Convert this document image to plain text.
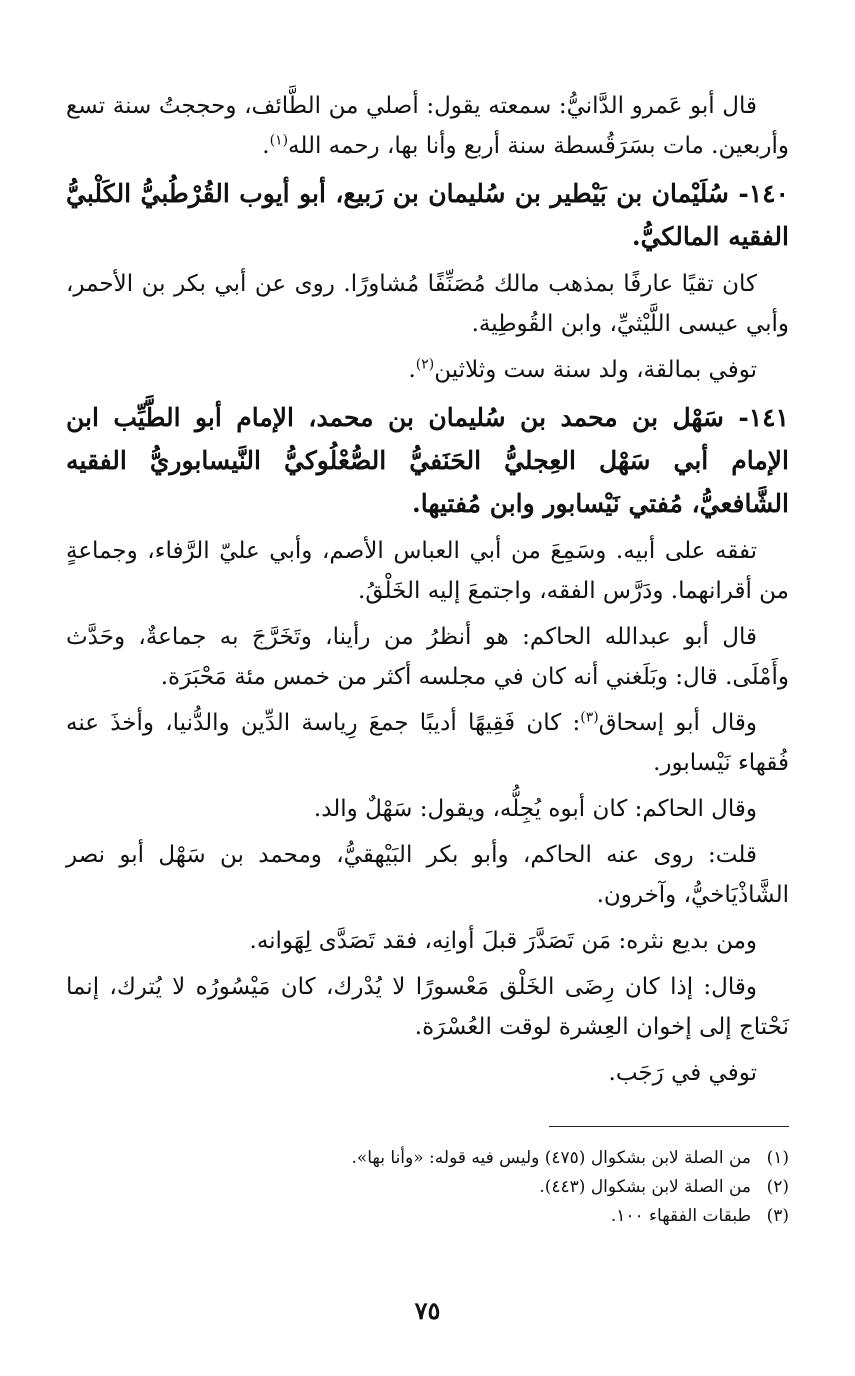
قال أبو عَمرو الدَّانيُّ: سمعته يقول: أصلي من الطَّائف، وحججتُ سنة تسع وأربعين. مات بسَرَقُسطة سنة أربع وأنا بها، رحمه الله$^{(١)}$.

١٤٠- سُلَيْمان بن بَيْطير بن سُليمان بن رَبيع، أبو أيوب القُرْطُبيُّ الكَلْبيُّ الفقيه المالكيُّ.

كان تقيًا عارفًا بمذهب مالك مُصَنِّفًا مُشاورًا. روى عن أبي بكر بن الأحمر، وأبي عيسى اللَّيْثيِّ، وابن القُوطِية.

توفي بمالقة، ولد سنة ست وثلاثين$^{(٢)}$.

١٤١- سَهْل بن محمد بن سُليمان بن محمد، الإمام أبو الطَّيِّب ابن الإمام أبي سَهْل العِجليُّ الحَنَفيُّ الصُّعْلُوكيُّ النَّيسابوريُّ الفقيه الشَّافعيُّ، مُفتي نَيْسابور وابن مُفتيها.

تفقه على أبيه. وسَمِعَ من أبي العباس الأصم، وأبي عليّ الرَّفاء، وجماعةٍ من أقرانهما. ودَرَّس الفقه، واجتمعَ إليه الخَلْقُ.

قال أبو عبدالله الحاكم: هو أنظرُ من رأينا، وتَخَرَّجَ به جماعةٌ، وحَدَّث وأَمْلَى. قال: وبَلَغني أنه كان في مجلسه أكثر من خمس مئة مَحْبَرَة.

وقال أبو إسحاق$^{(٣)}$: كان فَقِيهًا أديبًا جمعَ رِياسة الدِّين والدُّنيا، وأخذَ عنه فُقهاء نَيْسابور.

وقال الحاكم: كان أبوه يُجِلُّه، ويقول: سَهْلٌ والد.

قلت: روى عنه الحاكم، وأبو بكر البَيْهقيُّ، ومحمد بن سَهْل أبو نصر الشَّاذْيَاخيُّ، وآخرون.

ومن بديع نثره: مَن تَصَدَّرَ قبلَ أوانِه، فقد تَصَدَّى لِهَوانه.

وقال: إذا كان رِضَى الخَلْق مَعْسورًا لا يُدْرك، كان مَيْسُورُه لا يُترك، إنما نَحْتاج إلى إخوان العِشرة لوقت العُسْرَة.

توفي في رَجَب.

(١)
من الصلة لابن بشكوال (٤٧٥) وليس فيه قوله: «وأنا بها».
(٢)
من الصلة لابن بشكوال (٤٤٣).
(٣)
طبقات الفقهاء ١٠٠.
٧٥
